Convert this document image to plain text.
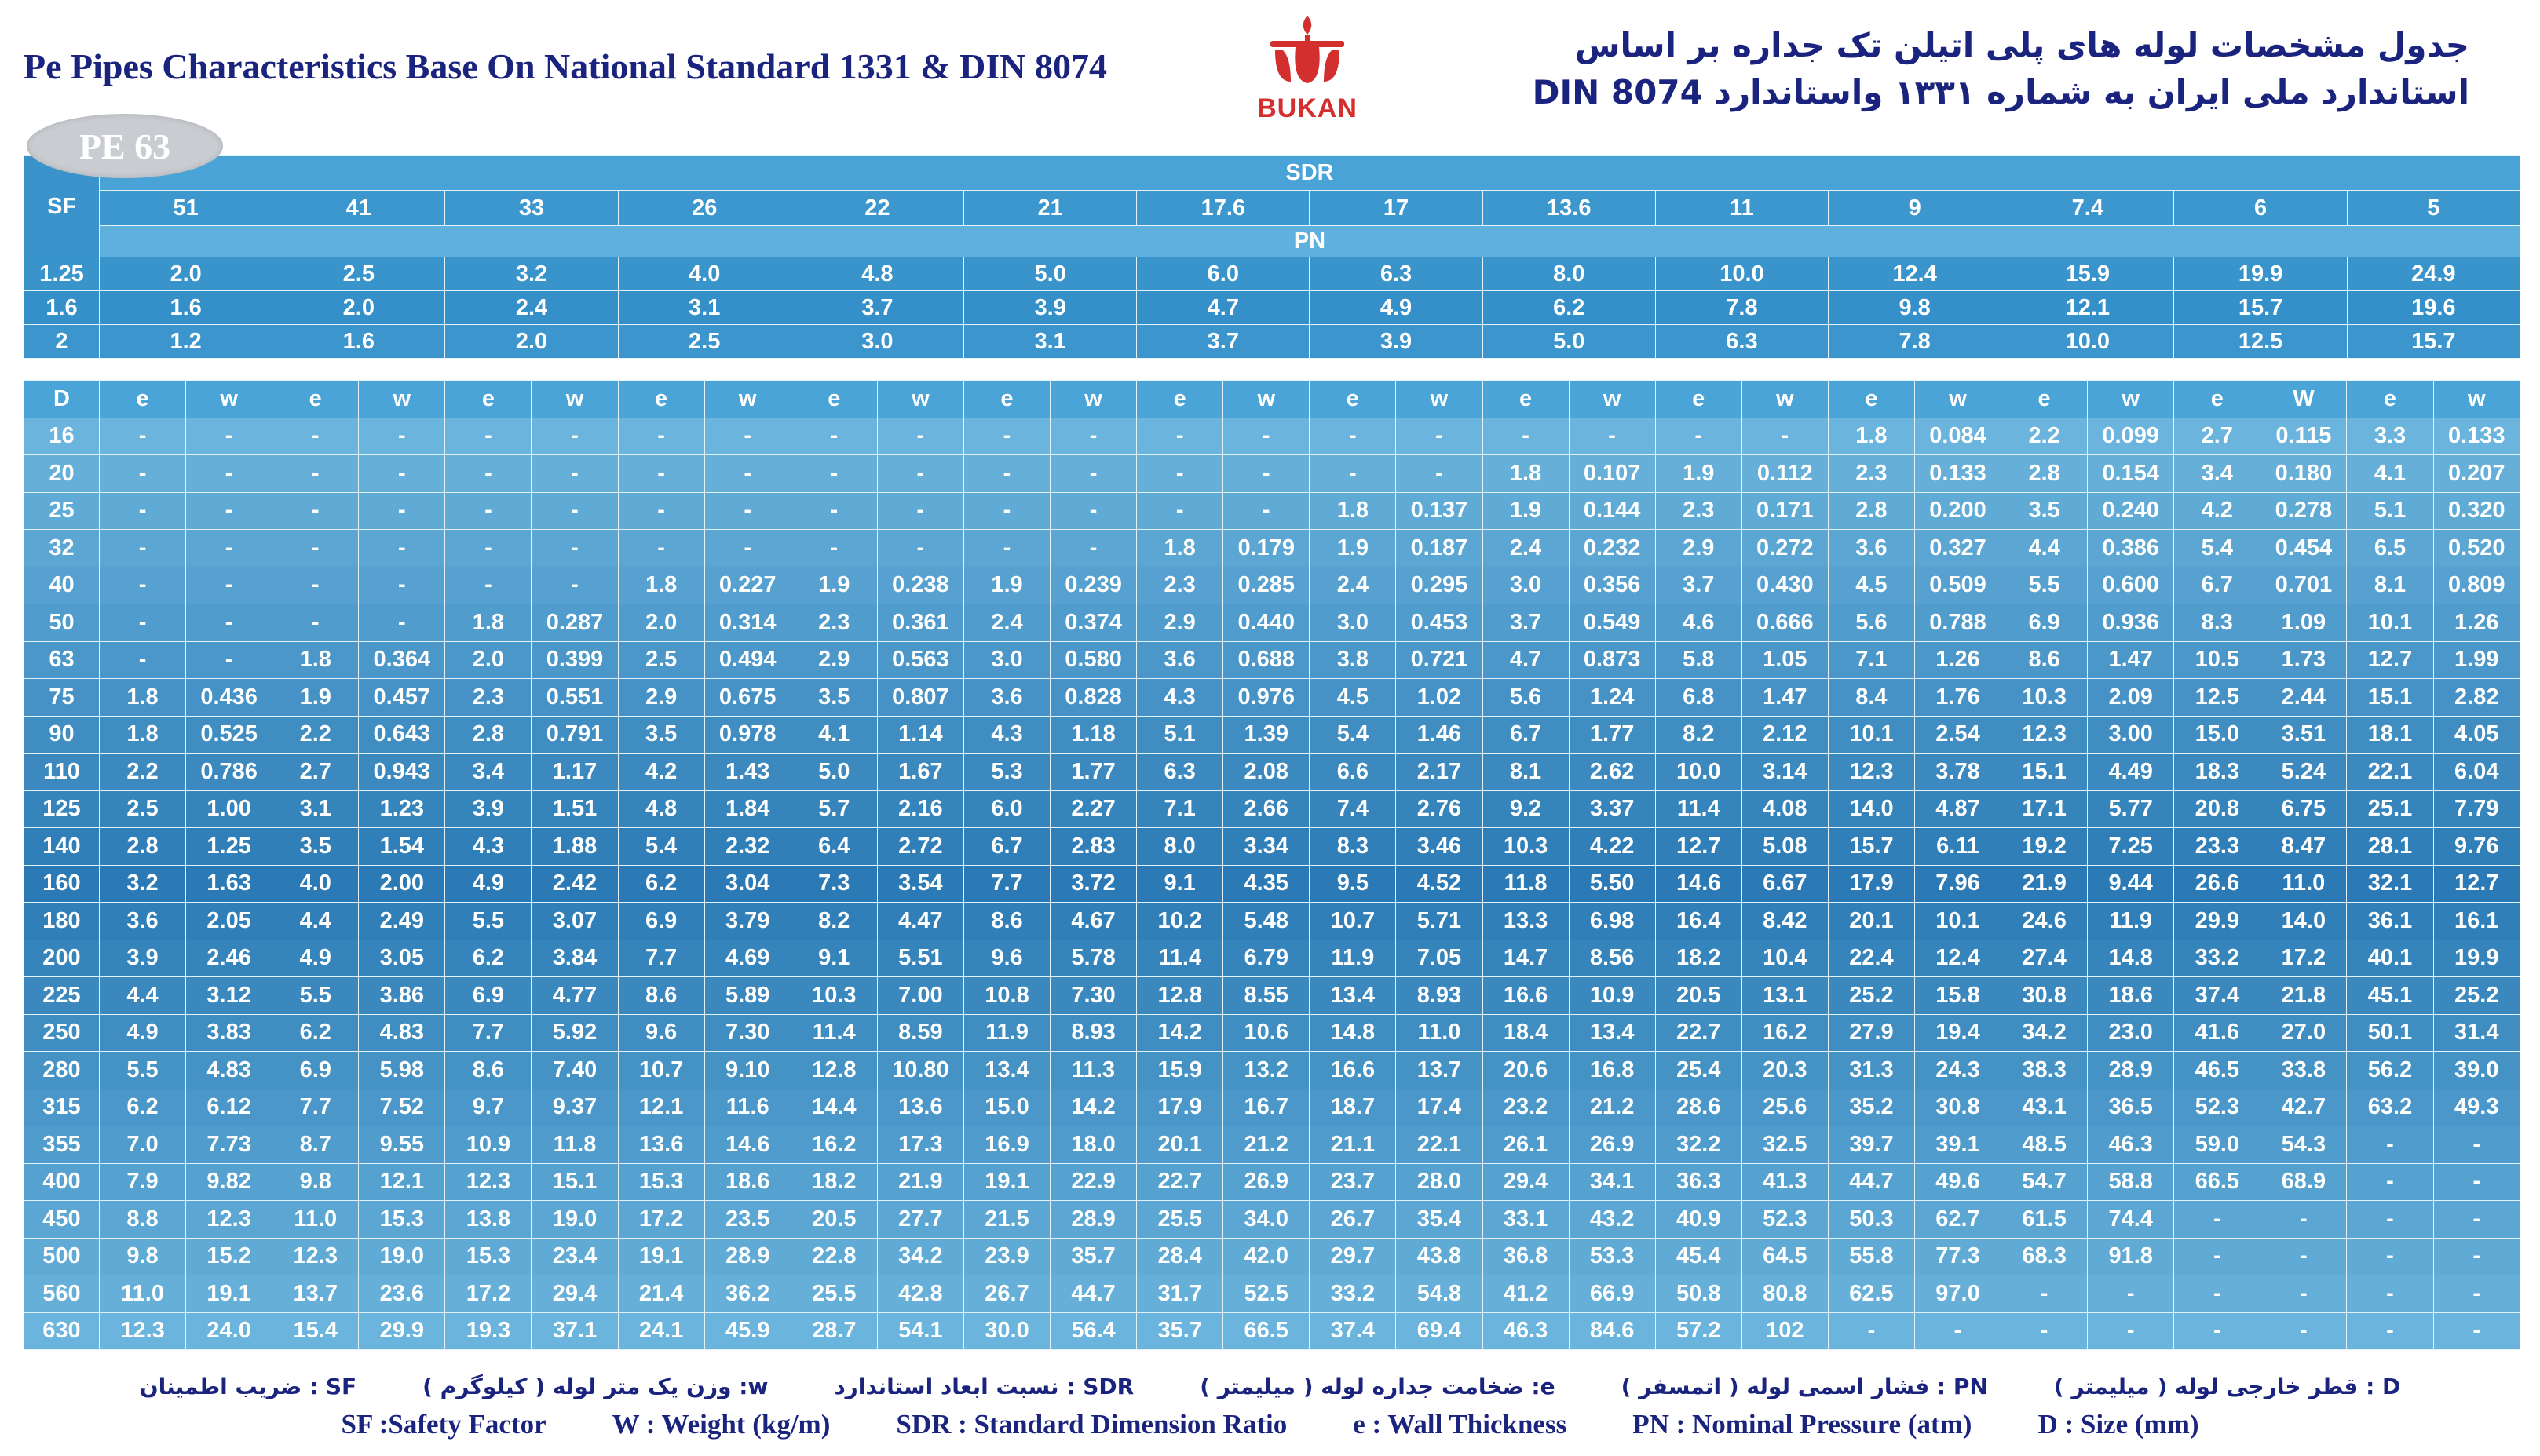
Pe Pipes Characteristics Base On National Standard 1331 & DIN 8074
BUKAN
جدول مشخصات لوله های پلی اتیلن تک جداره بر اساس
استاندارد ملی ایران به شماره ۱۳۳۱ واستاندارد DIN 8074
SF	SDR													
	51	41	33	26	22	21	17.6	17	13.6	11	9	7.4	6	5
	PN													
1.25	2.0	2.5	3.2	4.0	4.8	5.0	6.0	6.3	8.0	10.0	12.4	15.9	19.9	24.9
1.6	1.6	2.0	2.4	3.1	3.7	3.9	4.7	4.9	6.2	7.8	9.8	12.1	15.7	19.6
2	1.2	1.6	2.0	2.5	3.0	3.1	3.7	3.9	5.0	6.3	7.8	10.0	12.5	15.7
PE 63
D	e	w	e	w	e	w	e	w	e	w	e	w	e	w	e	w	e	w	e	w	e	w	e	w	e	W	e	w
16	-	-	-	-	-	-	-	-	-	-	-	-	-	-	-	-	-	-	-	-	1.8	0.084	2.2	0.099	2.7	0.115	3.3	0.133
20	-	-	-	-	-	-	-	-	-	-	-	-	-	-	-	-	1.8	0.107	1.9	0.112	2.3	0.133	2.8	0.154	3.4	0.180	4.1	0.207
25	-	-	-	-	-	-	-	-	-	-	-	-	-	-	1.8	0.137	1.9	0.144	2.3	0.171	2.8	0.200	3.5	0.240	4.2	0.278	5.1	0.320
32	-	-	-	-	-	-	-	-	-	-	-	-	1.8	0.179	1.9	0.187	2.4	0.232	2.9	0.272	3.6	0.327	4.4	0.386	5.4	0.454	6.5	0.520
40	-	-	-	-	-	-	1.8	0.227	1.9	0.238	1.9	0.239	2.3	0.285	2.4	0.295	3.0	0.356	3.7	0.430	4.5	0.509	5.5	0.600	6.7	0.701	8.1	0.809
50	-	-	-	-	1.8	0.287	2.0	0.314	2.3	0.361	2.4	0.374	2.9	0.440	3.0	0.453	3.7	0.549	4.6	0.666	5.6	0.788	6.9	0.936	8.3	1.09	10.1	1.26
63	-	-	1.8	0.364	2.0	0.399	2.5	0.494	2.9	0.563	3.0	0.580	3.6	0.688	3.8	0.721	4.7	0.873	5.8	1.05	7.1	1.26	8.6	1.47	10.5	1.73	12.7	1.99
75	1.8	0.436	1.9	0.457	2.3	0.551	2.9	0.675	3.5	0.807	3.6	0.828	4.3	0.976	4.5	1.02	5.6	1.24	6.8	1.47	8.4	1.76	10.3	2.09	12.5	2.44	15.1	2.82
90	1.8	0.525	2.2	0.643	2.8	0.791	3.5	0.978	4.1	1.14	4.3	1.18	5.1	1.39	5.4	1.46	6.7	1.77	8.2	2.12	10.1	2.54	12.3	3.00	15.0	3.51	18.1	4.05
110	2.2	0.786	2.7	0.943	3.4	1.17	4.2	1.43	5.0	1.67	5.3	1.77	6.3	2.08	6.6	2.17	8.1	2.62	10.0	3.14	12.3	3.78	15.1	4.49	18.3	5.24	22.1	6.04
125	2.5	1.00	3.1	1.23	3.9	1.51	4.8	1.84	5.7	2.16	6.0	2.27	7.1	2.66	7.4	2.76	9.2	3.37	11.4	4.08	14.0	4.87	17.1	5.77	20.8	6.75	25.1	7.79
140	2.8	1.25	3.5	1.54	4.3	1.88	5.4	2.32	6.4	2.72	6.7	2.83	8.0	3.34	8.3	3.46	10.3	4.22	12.7	5.08	15.7	6.11	19.2	7.25	23.3	8.47	28.1	9.76
160	3.2	1.63	4.0	2.00	4.9	2.42	6.2	3.04	7.3	3.54	7.7	3.72	9.1	4.35	9.5	4.52	11.8	5.50	14.6	6.67	17.9	7.96	21.9	9.44	26.6	11.0	32.1	12.7
180	3.6	2.05	4.4	2.49	5.5	3.07	6.9	3.79	8.2	4.47	8.6	4.67	10.2	5.48	10.7	5.71	13.3	6.98	16.4	8.42	20.1	10.1	24.6	11.9	29.9	14.0	36.1	16.1
200	3.9	2.46	4.9	3.05	6.2	3.84	7.7	4.69	9.1	5.51	9.6	5.78	11.4	6.79	11.9	7.05	14.7	8.56	18.2	10.4	22.4	12.4	27.4	14.8	33.2	17.2	40.1	19.9
225	4.4	3.12	5.5	3.86	6.9	4.77	8.6	5.89	10.3	7.00	10.8	7.30	12.8	8.55	13.4	8.93	16.6	10.9	20.5	13.1	25.2	15.8	30.8	18.6	37.4	21.8	45.1	25.2
250	4.9	3.83	6.2	4.83	7.7	5.92	9.6	7.30	11.4	8.59	11.9	8.93	14.2	10.6	14.8	11.0	18.4	13.4	22.7	16.2	27.9	19.4	34.2	23.0	41.6	27.0	50.1	31.4
280	5.5	4.83	6.9	5.98	8.6	7.40	10.7	9.10	12.8	10.80	13.4	11.3	15.9	13.2	16.6	13.7	20.6	16.8	25.4	20.3	31.3	24.3	38.3	28.9	46.5	33.8	56.2	39.0
315	6.2	6.12	7.7	7.52	9.7	9.37	12.1	11.6	14.4	13.6	15.0	14.2	17.9	16.7	18.7	17.4	23.2	21.2	28.6	25.6	35.2	30.8	43.1	36.5	52.3	42.7	63.2	49.3
355	7.0	7.73	8.7	9.55	10.9	11.8	13.6	14.6	16.2	17.3	16.9	18.0	20.1	21.2	21.1	22.1	26.1	26.9	32.2	32.5	39.7	39.1	48.5	46.3	59.0	54.3	-	-
400	7.9	9.82	9.8	12.1	12.3	15.1	15.3	18.6	18.2	21.9	19.1	22.9	22.7	26.9	23.7	28.0	29.4	34.1	36.3	41.3	44.7	49.6	54.7	58.8	66.5	68.9	-	-
450	8.8	12.3	11.0	15.3	13.8	19.0	17.2	23.5	20.5	27.7	21.5	28.9	25.5	34.0	26.7	35.4	33.1	43.2	40.9	52.3	50.3	62.7	61.5	74.4	-	-	-	-
500	9.8	15.2	12.3	19.0	15.3	23.4	19.1	28.9	22.8	34.2	23.9	35.7	28.4	42.0	29.7	43.8	36.8	53.3	45.4	64.5	55.8	77.3	68.3	91.8	-	-	-	-
560	11.0	19.1	13.7	23.6	17.2	29.4	21.4	36.2	25.5	42.8	26.7	44.7	31.7	52.5	33.2	54.8	41.2	66.9	50.8	80.8	62.5	97.0	-	-	-	-	-	-
630	12.3	24.0	15.4	29.9	19.3	37.1	24.1	45.9	28.7	54.1	30.0	56.4	35.7	66.5	37.4	69.4	46.3	84.6	57.2	102	-	-	-	-	-	-	-	-
D : قطر خارجی لوله ( میلیمتر )PN : فشار اسمی لوله ( اتمسفر )e: ضخامت جداره لوله ( میلیمتر )SDR : نسبت ابعاد استانداردw: وزن یک متر لوله ( کیلوگرم )SF : ضریب اطمینان
SF :Safety Factor W : Weight (kg/m) SDR : Standard Dimension Ratio e : Wall Thickness PN : Nominal Pressure (atm) D : Size (mm)
